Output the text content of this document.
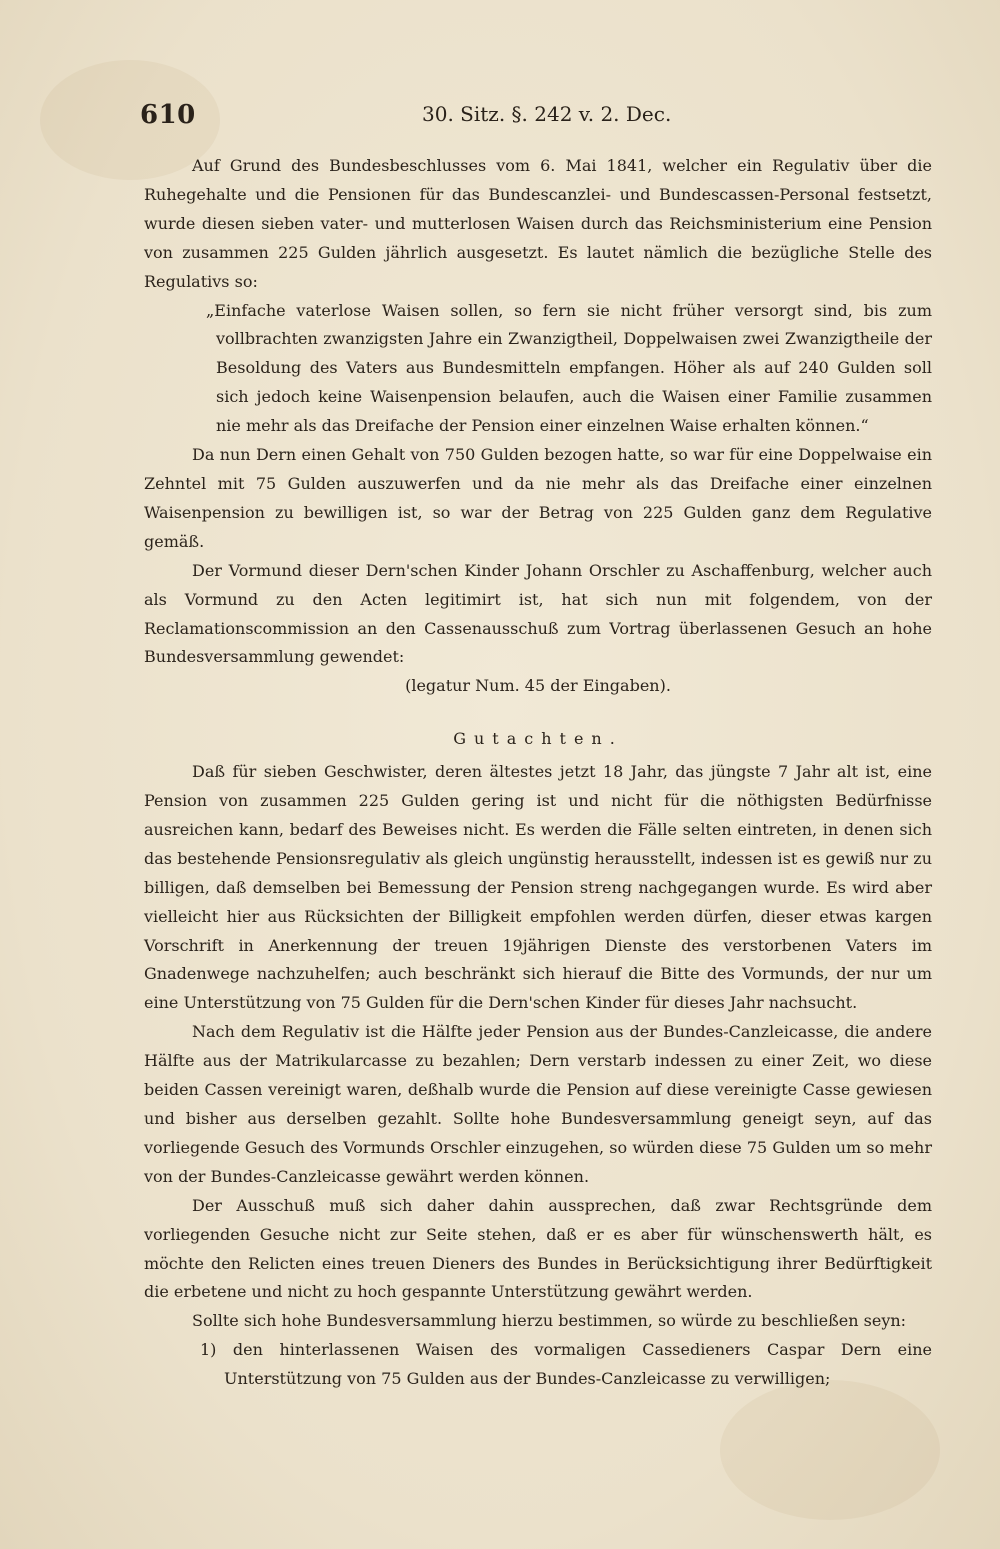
610	30. Sitz. §. 242 v. 2. Dec.

Auf Grund des Bundesbeschlusses vom 6. Mai 1841, welcher ein Regulativ über die Ruhegehalte und die Pensionen für das Bundescanzlei- und Bundescassen-Personal festsetzt, wurde diesen sieben vater- und mutterlosen Waisen durch das Reichsministerium eine Pension von zusammen 225 Gulden jährlich ausgesetzt. Es lautet nämlich die bezügliche Stelle des Regulativs so:

„Einfache vaterlose Waisen sollen, so fern sie nicht früher versorgt sind, bis zum vollbrachten zwanzigsten Jahre ein Zwanzigtheil, Doppelwaisen zwei Zwanzigtheile der Besoldung des Vaters aus Bundesmitteln empfangen. Höher als auf 240 Gulden soll sich jedoch keine Waisenpension belaufen, auch die Waisen einer Familie zusammen nie mehr als das Dreifache der Pension einer einzelnen Waise erhalten können.“

Da nun Dern einen Gehalt von 750 Gulden bezogen hatte, so war für eine Doppelwaise ein Zehntel mit 75 Gulden auszuwerfen und da nie mehr als das Dreifache einer einzelnen Waisenpension zu bewilligen ist, so war der Betrag von 225 Gulden ganz dem Regulative gemäß.

Der Vormund dieser Dern'schen Kinder Johann Orschler zu Aschaffenburg, welcher auch als Vormund zu den Acten legitimirt ist, hat sich nun mit folgendem, von der Reclamationscommission an den Cassenausschuß zum Vortrag überlassenen Gesuch an hohe Bundesversammlung gewendet:

(legatur Num. 45 der Eingaben).

Gutachten.

Daß für sieben Geschwister, deren ältestes jetzt 18 Jahr, das jüngste 7 Jahr alt ist, eine Pension von zusammen 225 Gulden gering ist und nicht für die nöthigsten Bedürfnisse ausreichen kann, bedarf des Beweises nicht. Es werden die Fälle selten eintreten, in denen sich das bestehende Pensionsregulativ als gleich ungünstig herausstellt, indessen ist es gewiß nur zu billigen, daß demselben bei Bemessung der Pension streng nachgegangen wurde. Es wird aber vielleicht hier aus Rücksichten der Billigkeit empfohlen werden dürfen, dieser etwas kargen Vorschrift in Anerkennung der treuen 19jährigen Dienste des verstorbenen Vaters im Gnadenwege nachzuhelfen; auch beschränkt sich hierauf die Bitte des Vormunds, der nur um eine Unterstützung von 75 Gulden für die Dern'schen Kinder für dieses Jahr nachsucht.

Nach dem Regulativ ist die Hälfte jeder Pension aus der Bundes-Canzleicasse, die andere Hälfte aus der Matrikularcasse zu bezahlen; Dern verstarb indessen zu einer Zeit, wo diese beiden Cassen vereinigt waren, deßhalb wurde die Pension auf diese vereinigte Casse gewiesen und bisher aus derselben gezahlt. Sollte hohe Bundesversammlung geneigt seyn, auf das vorliegende Gesuch des Vormunds Orschler einzugehen, so würden diese 75 Gulden um so mehr von der Bundes-Canzleicasse gewährt werden können.

Der Ausschuß muß sich daher dahin aussprechen, daß zwar Rechtsgründe dem vorliegenden Gesuche nicht zur Seite stehen, daß er es aber für wünschenswerth hält, es möchte den Relicten eines treuen Dieners des Bundes in Berücksichtigung ihrer Bedürftigkeit die erbetene und nicht zu hoch gespannte Unterstützung gewährt werden.

Sollte sich hohe Bundesversammlung hierzu bestimmen, so würde zu beschließen seyn:

1) den hinterlassenen Waisen des vormaligen Cassedieners Caspar Dern eine Unterstützung von 75 Gulden aus der Bundes-Canzleicasse zu verwilligen;
